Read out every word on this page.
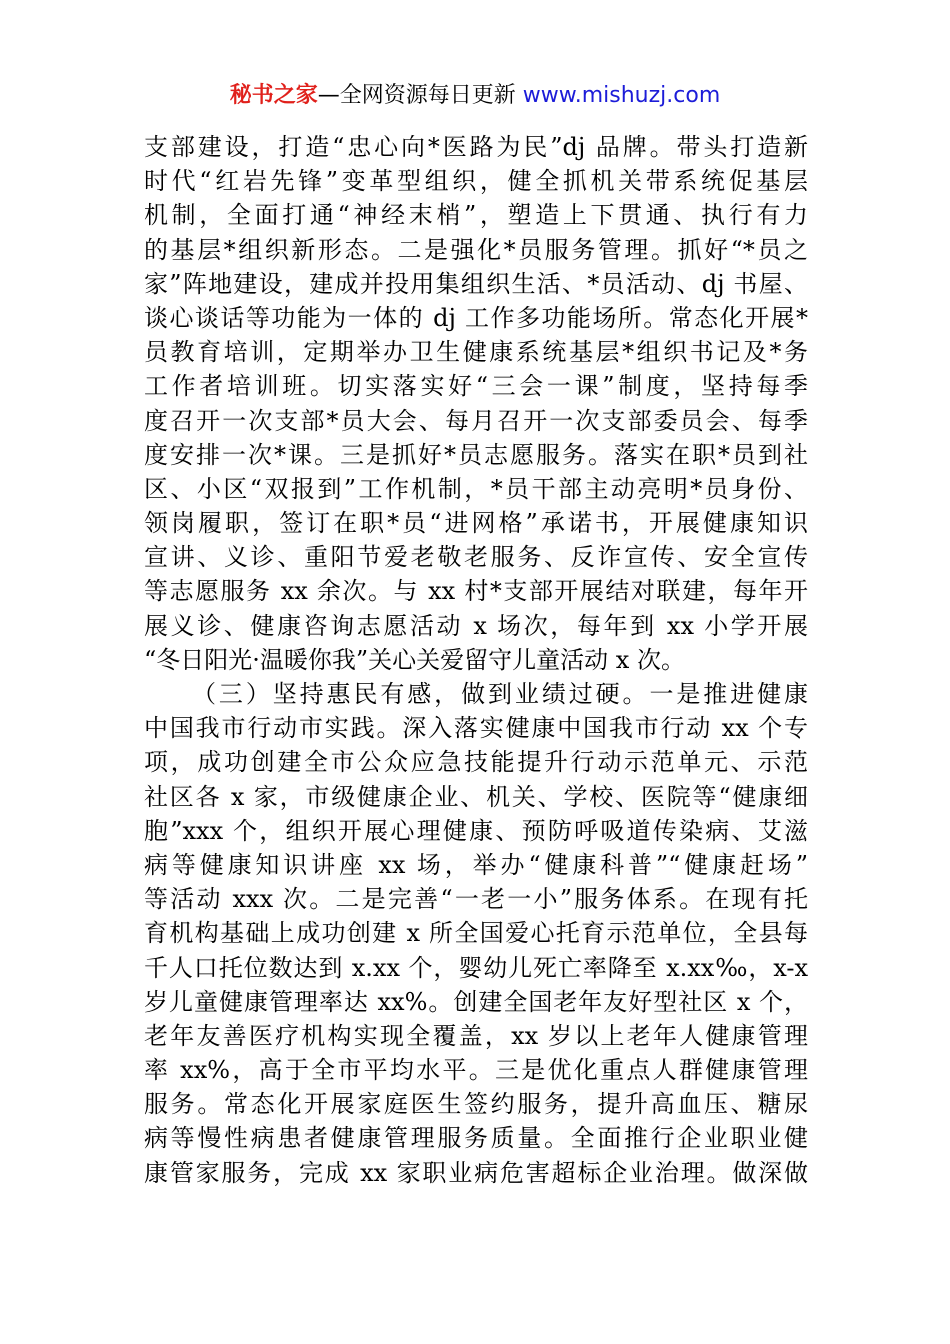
秘书之家—全网资源每日更新 www.mishuzj.com
支部建设，打造“忠心向*医路为民”dj 品牌。带头打造新
时代“红岩先锋”变革型组织，健全抓机关带系统促基层
机制，全面打通“神经末梢”，塑造上下贯通、执行有力
的基层*组织新形态。二是强化*员服务管理。抓好“*员之
家”阵地建设，建成并投用集组织生活、*员活动、dj 书屋、
谈心谈话等功能为一体的 dj 工作多功能场所。常态化开展*
员教育培训，定期举办卫生健康系统基层*组织书记及*务
工作者培训班。切实落实好“三会一课”制度，坚持每季
度召开一次支部*员大会、每月召开一次支部委员会、每季
度安排一次*课。三是抓好*员志愿服务。落实在职*员到社
区、小区“双报到”工作机制，*员干部主动亮明*员身份、
领岗履职，签订在职*员“进网格”承诺书，开展健康知识
宣讲、义诊、重阳节爱老敬老服务、反诈宣传、安全宣传
等志愿服务 xx 余次。与 xx 村*支部开展结对联建，每年开
展义诊、健康咨询志愿活动 x 场次，每年到 xx 小学开展
“冬日阳光·温暖你我”关心关爱留守儿童活动 x 次。
（三）坚持惠民有感，做到业绩过硬。一是推进健康
中国我市行动市实践。深入落实健康中国我市行动 xx 个专
项，成功创建全市公众应急技能提升行动示范单元、示范
社区各 x 家，市级健康企业、机关、学校、医院等“健康细
胞”xxx 个，组织开展心理健康、预防呼吸道传染病、艾滋
病等健康知识讲座 xx 场，举办“健康科普”“健康赶场”
等活动 xxx 次。二是完善“一老一小”服务体系。在现有托
育机构基础上成功创建 x 所全国爱心托育示范单位，全县每
千人口托位数达到 x.xx 个，婴幼儿死亡率降至 x.xx‰，x-x
岁儿童健康管理率达 xx%。创建全国老年友好型社区 x 个，
老年友善医疗机构实现全覆盖，xx 岁以上老年人健康管理
率 xx%，高于全市平均水平。三是优化重点人群健康管理
服务。常态化开展家庭医生签约服务，提升高血压、糖尿
病等慢性病患者健康管理服务质量。全面推行企业职业健
康管家服务，完成 xx 家职业病危害超标企业治理。做深做
